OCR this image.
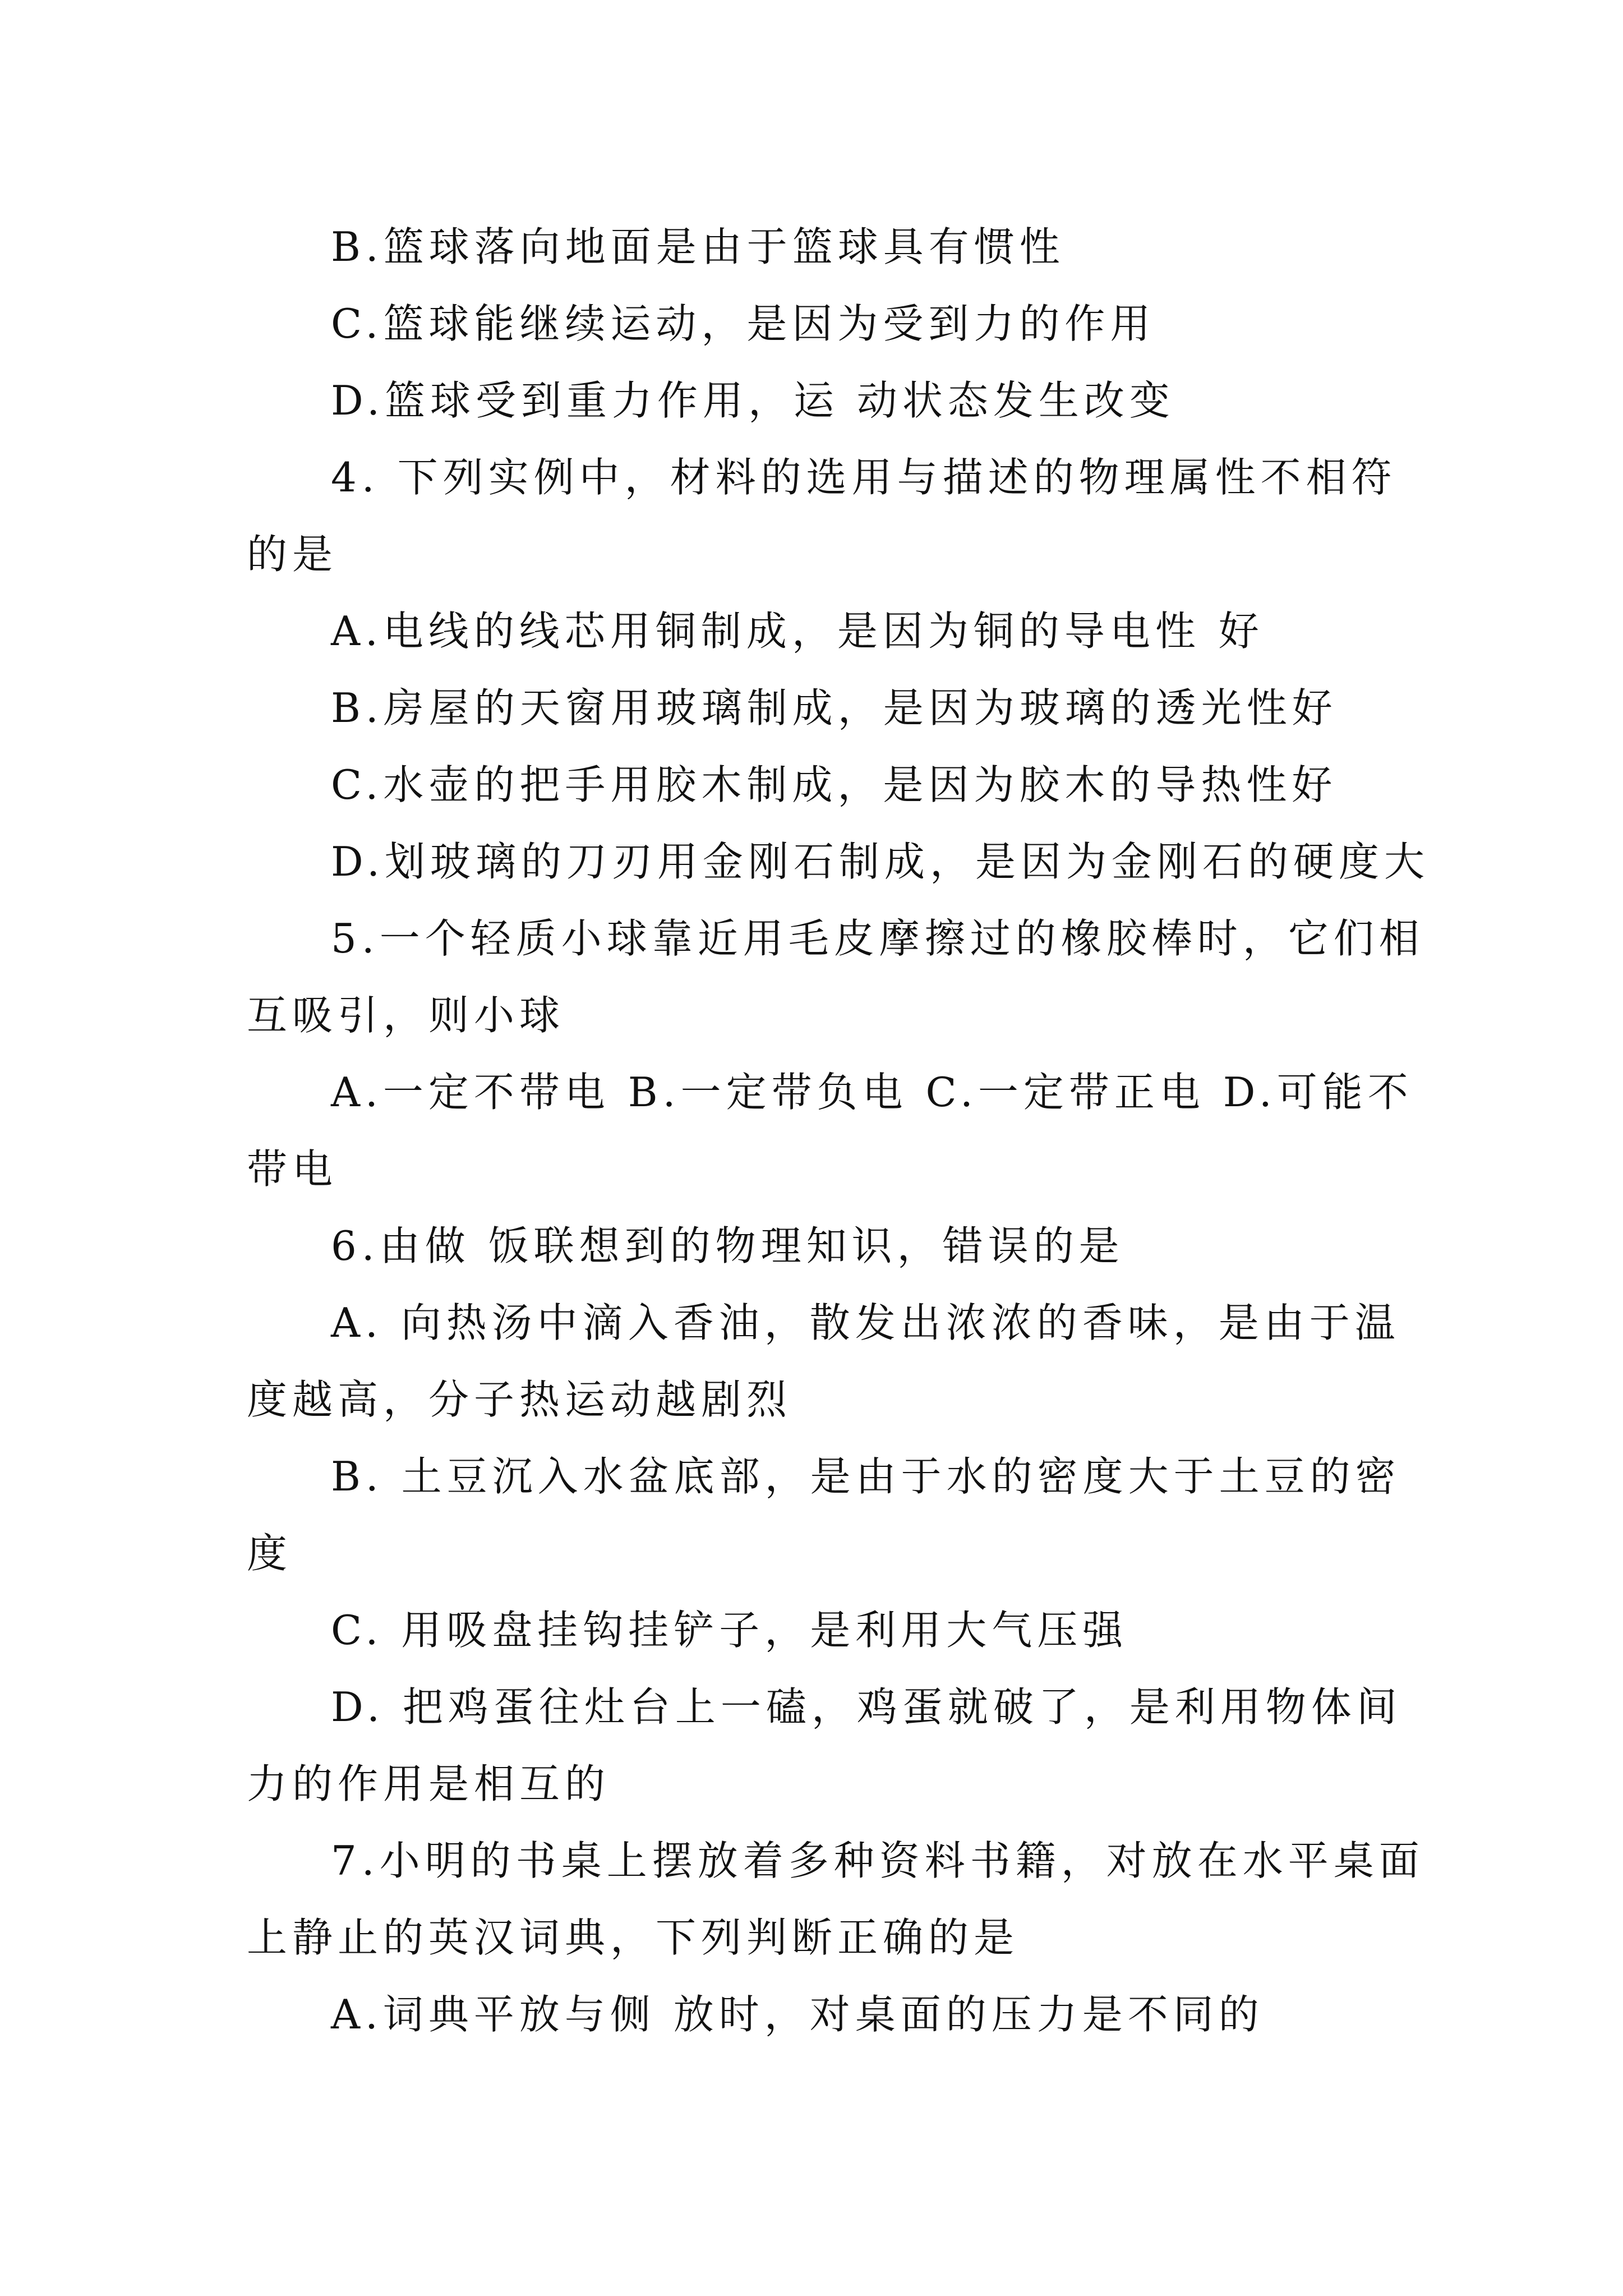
B.篮球落向地面是由于篮球具有惯性
C.篮球能继续运动，是因为受到力的作用
D.篮球受到重力作用，运 动状态发生改变
4. 下列实例中，材料的选用与描述的物理属性不相符
的是
A.电线的线芯用铜制成，是因为铜的导电性 好
B.房屋的天窗用玻璃制成，是因为玻璃的透光性好
C.水壶的把手用胶木制成，是因为胶木的导热性好
D.划玻璃的刀刃用金刚石制成，是因为金刚石的硬度大
5.一个轻质小球靠近用毛皮摩擦过的橡胶棒时，它们相
互吸引，则小球
A.一定不带电 B.一定带负电 C.一定带正电 D.可能不
带电
6.由做 饭联想到的物理知识，错误的是
A. 向热汤中滴入香油，散发出浓浓的香味，是由于温
度越高，分子热运动越剧烈
B. 土豆沉入水盆底部，是由于水的密度大于土豆的密
度
C. 用吸盘挂钩挂铲子，是利用大气压强
D. 把鸡蛋往灶台上一磕，鸡蛋就破了，是利用物体间
力的作用是相互的
7.小明的书桌上摆放着多种资料书籍，对放在水平桌面
上静止的英汉词典，下列判断正确的是
A.词典平放与侧 放时，对桌面的压力是不同的
